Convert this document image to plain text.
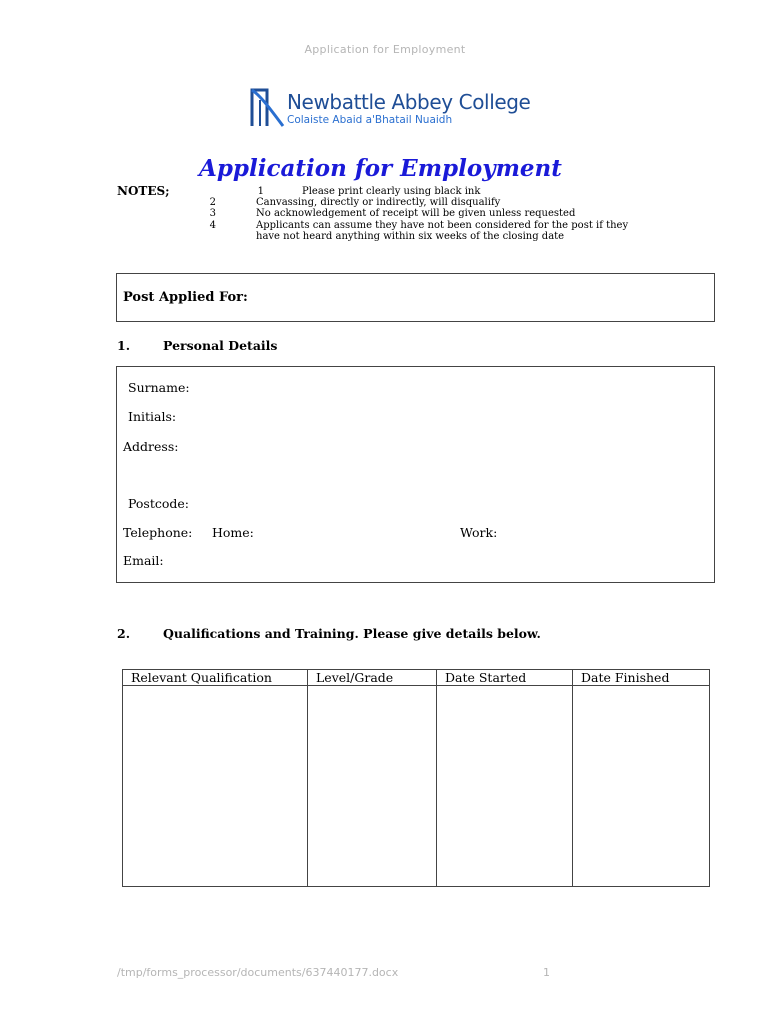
Application for Employment
Newbattle Abbey College
Colaiste Abaid a'Bhatail Nuaidh
Application for Employment
NOTES;	1	Please print clearly using black ink
2	Canvassing, directly or indirectly, will disqualify
3	No acknowledgement of receipt will be given unless requested
4	Applicants can assume they have not been considered for the post if they
have not heard anything within six weeks of the closing date
Post Applied For:
1.	Personal Details
Surname:
Initials:
Address:
Postcode:
Telephone: Home:	Work:
Email:
2.	Qualifications and Training. Please give details below.
Relevant Qualification	Level/Grade	Date Started	Date Finished

/tmp/forms_processor/documents/637440177.docx	1
